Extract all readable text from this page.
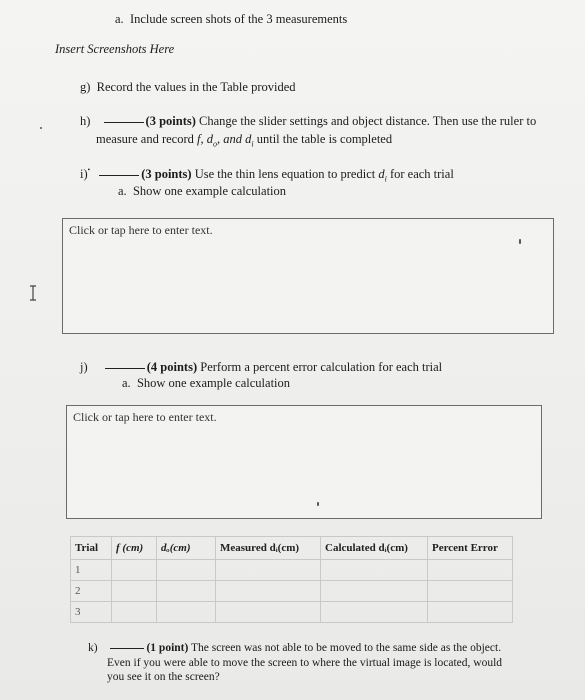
a. Include screen shots of the 3 measurements
Insert Screenshots Here
g) Record the values in the Table provided
h)	(3 points) Change the slider settings and object distance. Then use the ruler to
measure and record f, $d_o$, and $d_i$ until the table is completed
i)•	(3 points) Use the thin lens equation to predict $d_i$ for each trial
a. Show one example calculation
Click or tap here to enter text.
j)	(4 points) Perform a percent error calculation for each trial
a. Show one example calculation
Click or tap here to enter text.
Trial	f (cm)	dₒ(cm)	Measured dᵢ(cm)	Calculated dᵢ(cm)	Percent Error
1					
2					
3					
k)	(1 point) The screen was not able to be moved to the same side as the object.
Even if you were able to move the screen to where the virtual image is located, would
you see it on the screen?
